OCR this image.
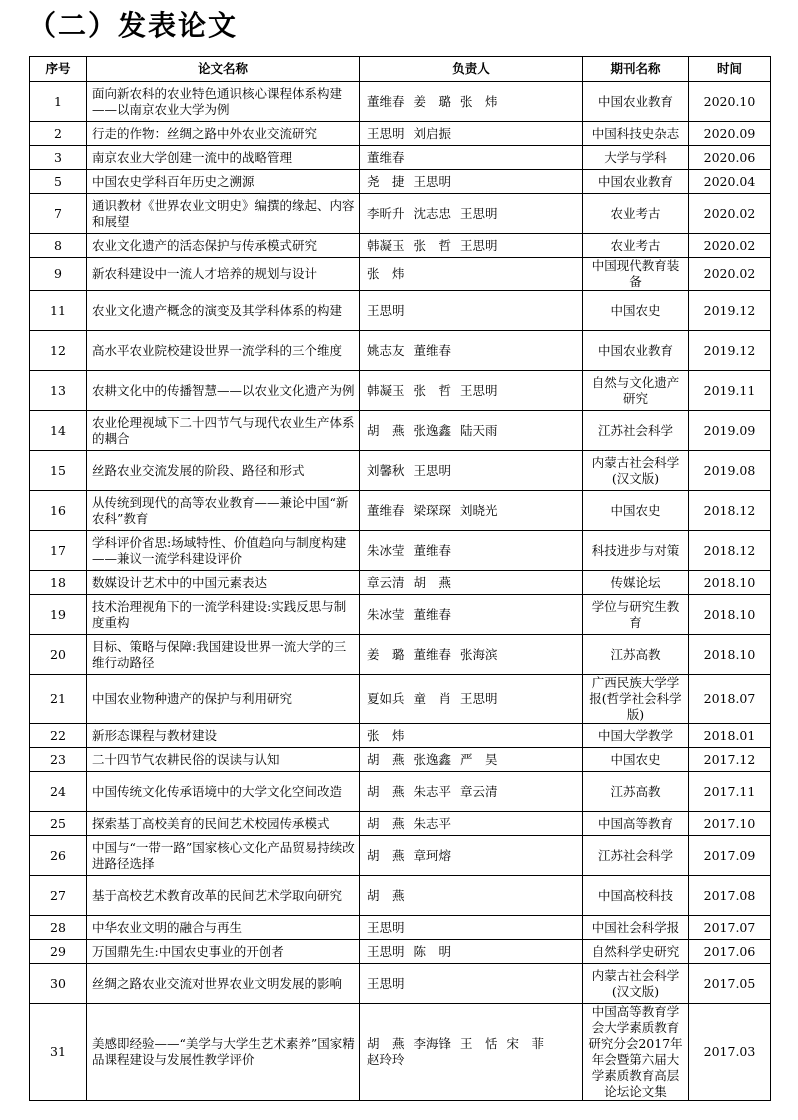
（二）发表论文
序号	论文名称	负责人	期刊名称	时间
1	面向新农科的农业特色通识核心课程体系构建——以南京农业大学为例	董维春 姜　璐 张　炜	中国农业教育	2020.10
2	行走的作物：丝绸之路中外农业交流研究	王思明 刘启振	中国科技史杂志	2020.09
3	南京农业大学创建一流中的战略管理	董维春	大学与学科	2020.06
5	中国农史学科百年历史之溯源	尧　捷 王思明	中国农业教育	2020.04
7	通识教材《世界农业文明史》编撰的缘起、内容和展望	李昕升 沈志忠 王思明	农业考古	2020.02
8	农业文化遗产的活态保护与传承模式研究	韩凝玉 张　哲 王思明	农业考古	2020.02
9	新农科建设中一流人才培养的规划与设计	张　炜	中国现代教育装备	2020.02
11	农业文化遗产概念的演变及其学科体系的构建	王思明	中国农史	2019.12
12	高水平农业院校建设世界一流学科的三个维度	姚志友 董维春	中国农业教育	2019.12
13	农耕文化中的传播智慧——以农业文化遗产为例	韩凝玉 张　哲 王思明	自然与文化遗产研究	2019.11
14	农业伦理视域下二十四节气与现代农业生产体系的耦合	胡　燕 张逸鑫 陆天雨	江苏社会科学	2019.09
15	丝路农业交流发展的阶段、路径和形式	刘馨秋 王思明	内蒙古社会科学(汉文版)	2019.08
16	从传统到现代的高等农业教育——兼论中国“新农科”教育	董维春 梁琛琛 刘晓光	中国农史	2018.12
17	学科评价省思:场域特性、价值趋向与制度构建——兼议一流学科建设评价	朱冰莹 董维春	科技进步与对策	2018.12
18	数媒设计艺术中的中国元素表达	章云清 胡　燕	传媒论坛	2018.10
19	技术治理视角下的一流学科建设:实践反思与制度重构	朱冰莹 董维春	学位与研究生教育	2018.10
20	目标、策略与保障:我国建设世界一流大学的三维行动路径	姜　璐 董维春 张海滨	江苏高教	2018.10
21	中国农业物种遗产的保护与利用研究	夏如兵 童　肖 王思明	广西民族大学学报(哲学社会科学版)	2018.07
22	新形态课程与教材建设	张　炜	中国大学教学	2018.01
23	二十四节气农耕民俗的误读与认知	胡　燕 张逸鑫 严　昊	中国农史	2017.12
24	中国传统文化传承语境中的大学文化空间改造	胡　燕 朱志平 章云清	江苏高教	2017.11
25	探索基丁高校美育的民间艺术校园传承模式	胡　燕 朱志平	中国高等教育	2017.10
26	中国与“一带一路”国家核心文化产品贸易持续改进路径选择	胡　燕 章珂熔	江苏社会科学	2017.09
27	基于高校艺术教育改革的民间艺术学取向研究	胡　燕	中国高校科技	2017.08
28	中华农业文明的融合与再生	王思明	中国社会科学报	2017.07
29	万国鼎先生:中国农史事业的开创者	王思明 陈　明	自然科学史研究	2017.06
30	丝绸之路农业交流对世界农业文明发展的影响	王思明	内蒙古社会科学(汉文版)	2017.05
31	美感即经验——“美学与大学生艺术素养”国家精品课程建设与发展性教学评价	胡　燕 李海锋 王　恬 宋　菲赵玲玲	中国高等教育学会大学素质教育研究分会2017年年会暨第六届大学素质教育高层论坛论文集	2017.03
